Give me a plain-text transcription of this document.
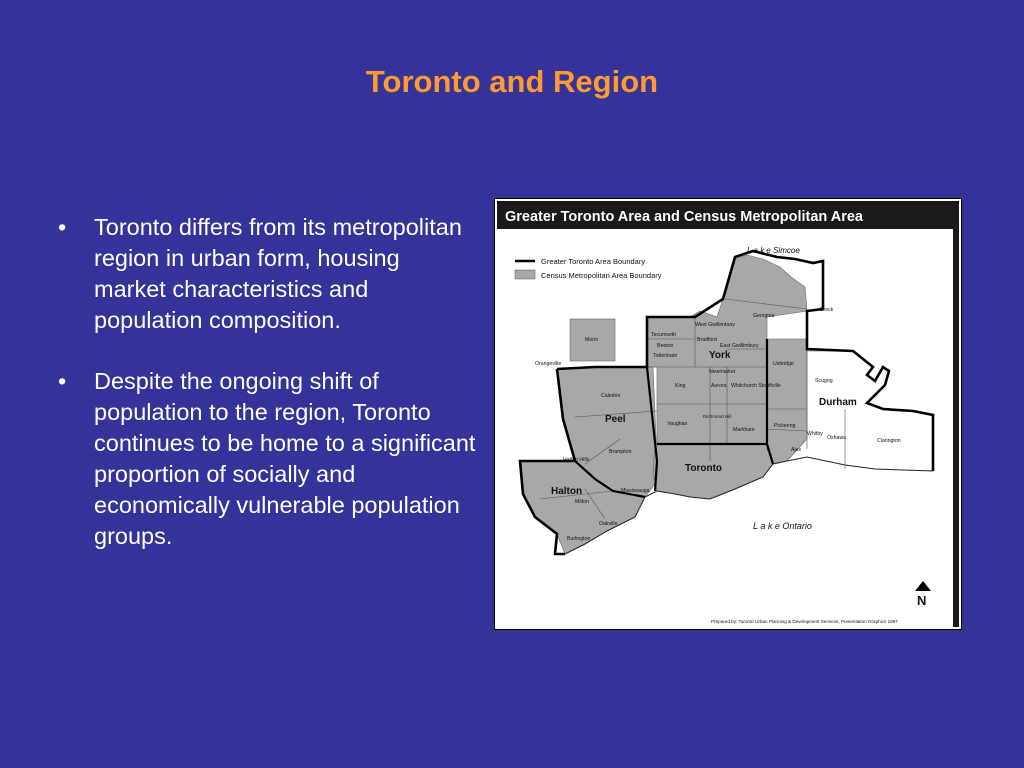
Toronto and Region
• Toronto differs from its metropolitan region in urban form, housing market characteristics and population composition.
• Despite the ongoing shift of population to the region, Toronto continues to be home to a significant proportion of socially and economically vulnerable population groups.
Greater Toronto Area and Census Metropolitan Area
Greater Toronto Area Boundary
Census Metropolitan Area Boundary
L a k e Simcoe
L a k e Ontario
York
Peel
Halton
Durham
Toronto
Mono
Orangeville
Tecumseth
Beeton
Tottenham
West Gwillimbury
Bradford
East Gwillimbury
Georgina
Brock
Newmarket
Aurora Whitchurch Stouffville
King
Uxbridge
Scugog
Caledon
Vaughan
Richmond Hill
Markham
Pickering
Whitby
Oshawa	Clarington
Ajax
Brampton
Halton Hills
Milton
Mississauga
Oakville
Burlington
N
Prepared by: Toronto Urban Planning & Development Services, Presentation Graphics 1997
